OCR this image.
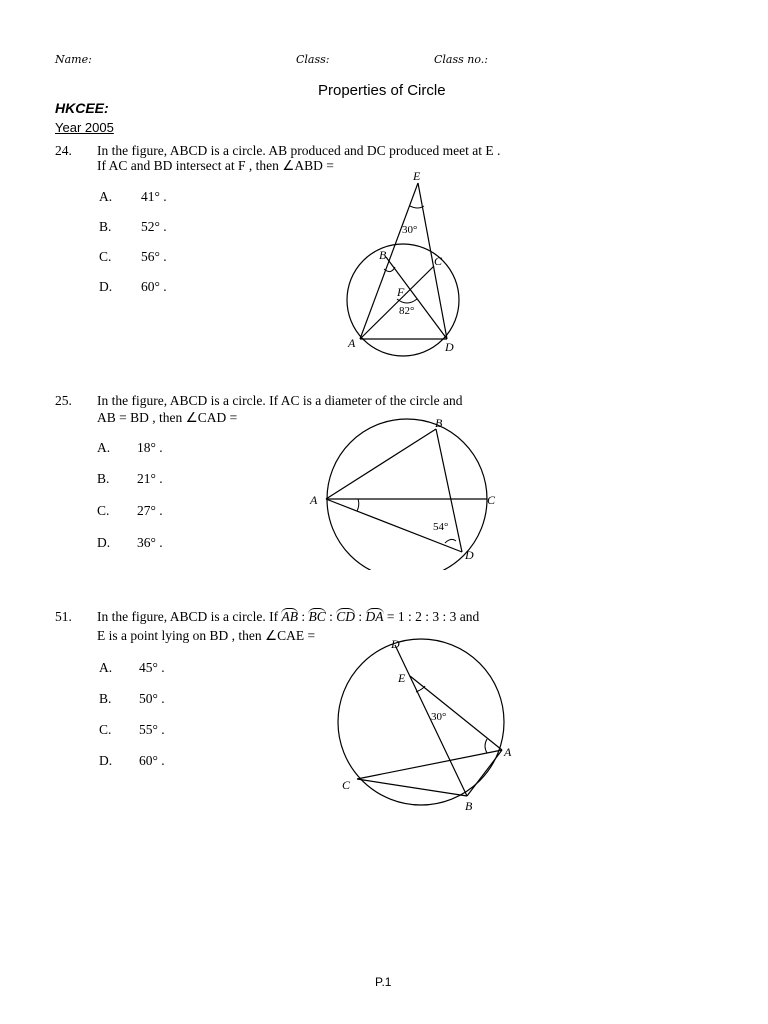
Name:	Class:	Class no.:
Properties of Circle
HKCEE:
Year 2005
24. In the figure, ABCD is a circle. AB produced and DC produced meet at E .
If AC and BD intersect at F , then ∠ABD =
A. 41° .
B. 52° .
C. 56° .
D. 60° .
E
30°
B	C
F
82°
A	D
25. In the figure, ABCD is a circle. If AC is a diameter of the circle and
AB = BD , then ∠CAD =
A. 18° .
B. 21° .
C. 27° .
D. 36° .
B
A	C
54°
D
51. In the figure, ABCD is a circle. If AB : BC : CD : DA = 1 : 2 : 3 : 3 and
E is a point lying on BD , then ∠CAE =
A. 45° .
B. 50° .
C. 55° .
D. 60° .
D
E
30°
A
C
B
P.1
